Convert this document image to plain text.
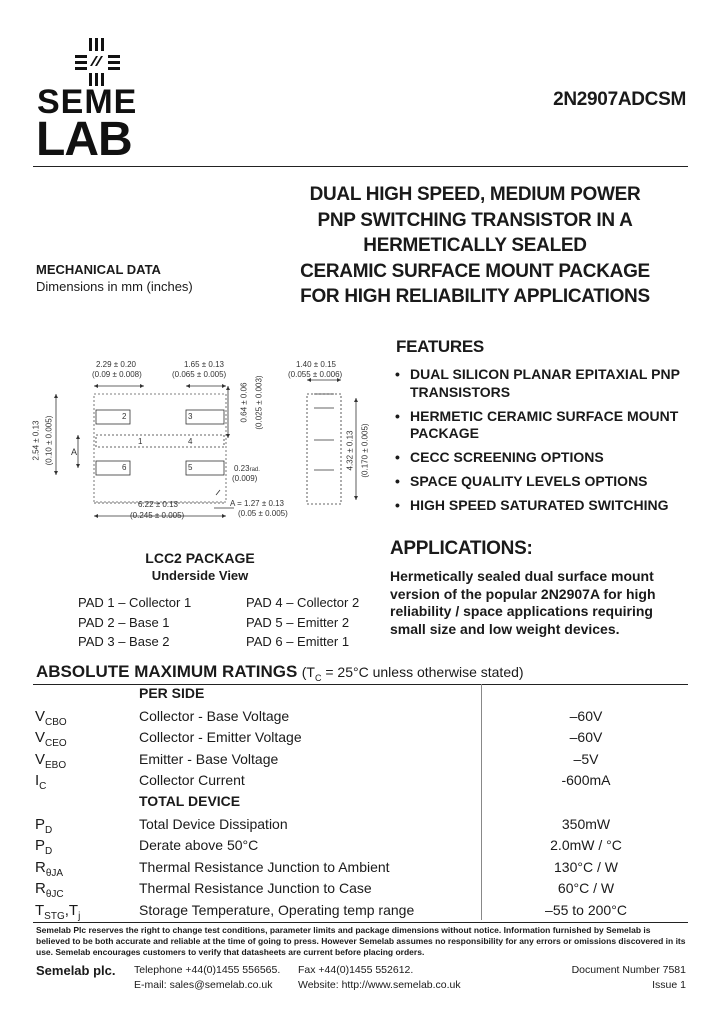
SEME
LAB
2N2907ADCSM
DUAL HIGH SPEED, MEDIUM POWER
PNP SWITCHING TRANSISTOR IN A
HERMETICALLY SEALED
CERAMIC SURFACE MOUNT PACKAGE
FOR HIGH RELIABILITY APPLICATIONS
MECHANICAL DATA
Dimensions in mm (inches)
2.29 ± 0.20
(0.09 ± 0.008)
1.65 ± 0.13
(0.065 ± 0.005)
1.40 ± 0.15
(0.055 ± 0.006)
2.54 ± 0.13 (0.10 ± 0.005) A
0.64 ± 0.06 (0.025 ± 0.003)
4.32 ± 0.13 (0.170 ± 0.005)
1
2	3
4
5
6	0.23rad.
(0.009)
6.22 ± 0.13
(0.245 ± 0.005)
A = 1.27 ± 0.13
(0.05 ± 0.005)
LCC2 PACKAGE
Underside View
PAD 1 – Collector 1
PAD 2 – Base 1
PAD 3 – Base 2
PAD 4 – Collector 2
PAD 5 – Emitter 2
PAD 6 – Emitter 1
FEATURES
• DUAL SILICON PLANAR EPITAXIAL PNP TRANSISTORS
• HERMETIC CERAMIC SURFACE MOUNT PACKAGE
• CECC SCREENING OPTIONS
• SPACE QUALITY LEVELS OPTIONS
• HIGH SPEED SATURATED SWITCHING
APPLICATIONS:
Hermetically sealed dual surface mount version of the popular 2N2907A for high reliability / space applications requiring small size and low weight devices.
ABSOLUTE MAXIMUM RATINGS ($T_C = 25^\circ C$ unless otherwise stated)
PER SIDE
$V_{CBO}$	Collector - Base Voltage	–60V
$V_{CEO}$	Collector - Emitter Voltage	–60V
$V_{EBO}$	Emitter - Base Voltage	–5V
$I_C$	Collector Current	-600mA
TOTAL DEVICE
$P_D$	Total Device Dissipation	350mW
$P_D$	Derate above 50°C	2.0mW / °C
$R_{\theta JA}$	Thermal Resistance Junction to Ambient	130°C / W
$R_{\theta JC}$	Thermal Resistance Junction to Case	60°C / W
$T_{STG},T_j$	Storage Temperature, Operating temp range	–55 to 200°C
Semelab Plc reserves the right to change test conditions, parameter limits and package dimensions without notice. Information furnished by Semelab is believed to be both accurate and reliable at the time of going to press. However Semelab assumes no responsibility for any errors or omissions discovered in its use. Semelab encourages customers to verify that datasheets are current before placing orders.
Semelab plc. Telephone +44(0)1455 556565. Fax +44(0)1455 552612.	Document Number 7581
E-mail: sales@semelab.co.uk Website: http://www.semelab.co.uk	Issue 1
